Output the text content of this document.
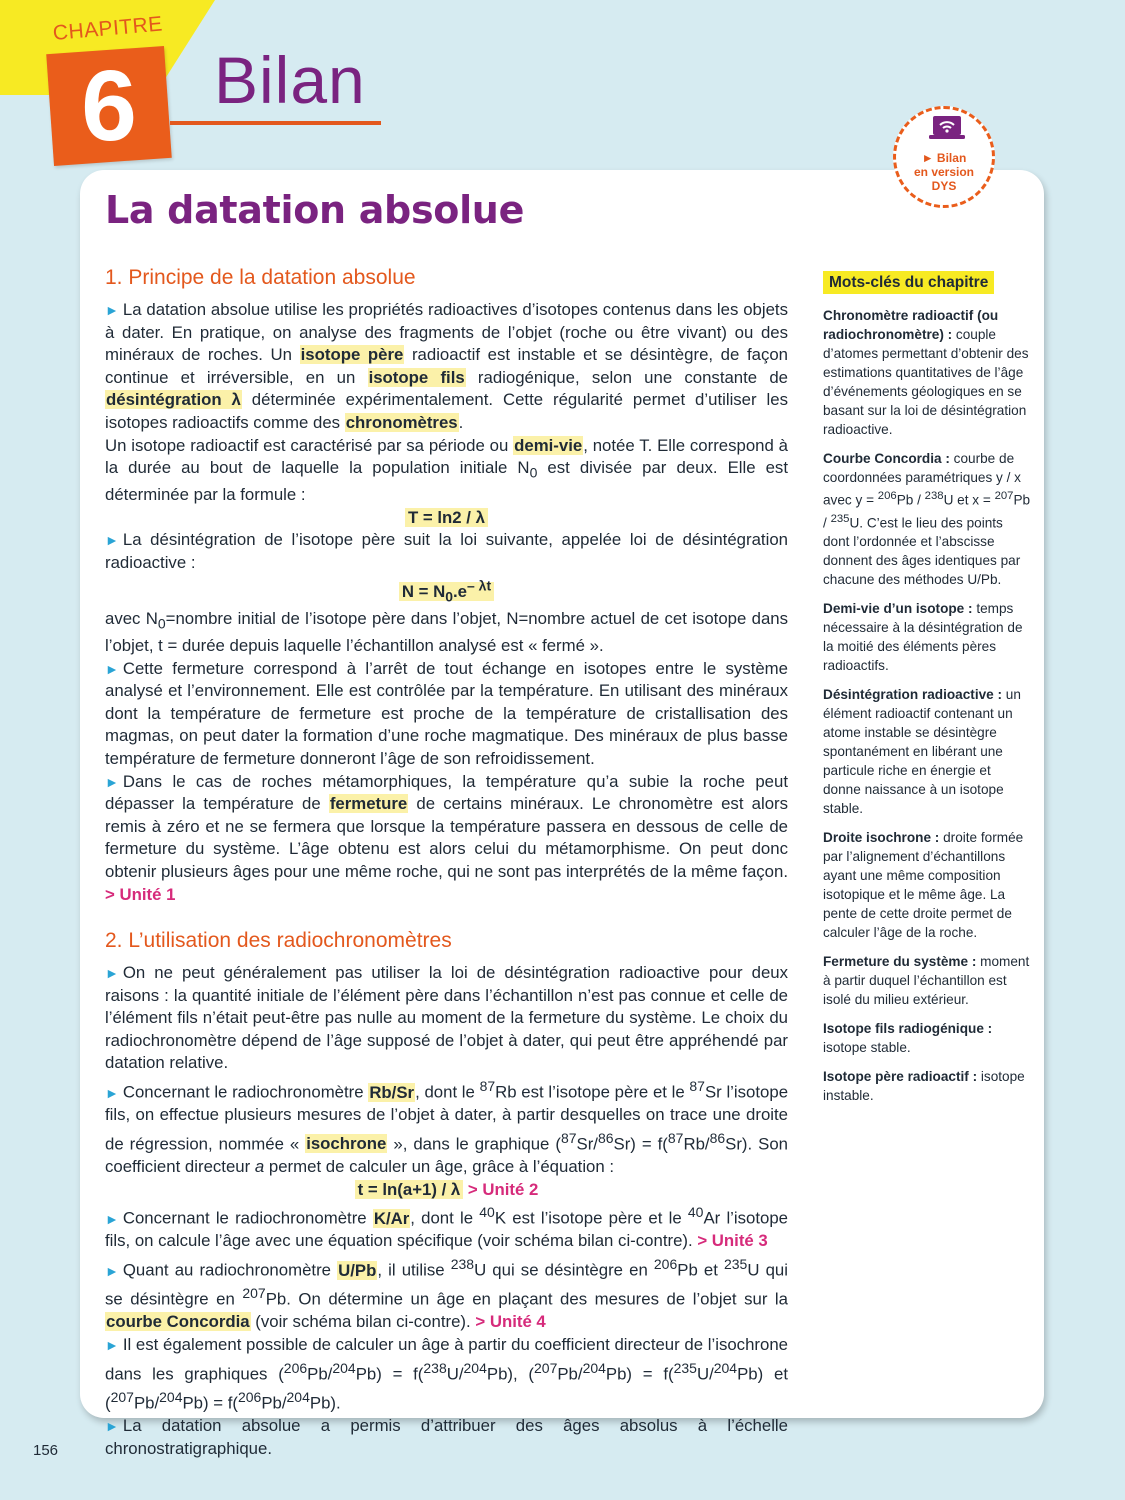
6
CHAPITRE
Bilan
► Bilan
en version
DYS
La datation absolue
1. Principe de la datation absolue

► La datation absolue utilise les propriétés radioactives d’isotopes contenus dans les objets à dater. En pratique, on analyse des fragments de l’objet (roche ou être vivant) ou des minéraux de roches. Un isotope père radioactif est instable et se désintègre, de façon continue et irréversible, en un isotope fils radiogénique, selon une constante de désintégration λ déterminée expérimentalement. Cette régularité permet d’utiliser les isotopes radioactifs comme des chronomètres.

Un isotope radioactif est caractérisé par sa période ou demi-vie, notée T. Elle correspond à la durée au bout de laquelle la population initiale $N_0$ est divisée par deux. Elle est déterminée par la formule :

T = ln2 / λ

► La désintégration de l’isotope père suit la loi suivante, appelée loi de désintégration radioactive :

$N = N_0.e^{- \lambda t}$

avec $N_0=nombre$ initial de l’isotope père dans l’objet, N=nombre actuel de cet isotope dans l’objet, t = durée depuis laquelle l’échantillon analysé est « fermé ».

► Cette fermeture correspond à l’arrêt de tout échange en isotopes entre le système analysé et l’environnement. Elle est contrôlée par la température. En utilisant des minéraux dont la température de fermeture est proche de la température de cristallisation des magmas, on peut dater la formation d’une roche magmatique. Des minéraux de plus basse température de fermeture donneront l’âge de son refroidissement.

► Dans le cas de roches métamorphiques, la température qu’a subie la roche peut dépasser la température de fermeture de certains minéraux. Le chronomètre est alors remis à zéro et ne se fermera que lorsque la température passera en dessous de celle de fermeture du système. L’âge obtenu est alors celui du métamorphisme. On peut donc obtenir plusieurs âges pour une même roche, qui ne sont pas interprétés de la même façon. > Unité 1

2. L’utilisation des radiochronomètres

► On ne peut généralement pas utiliser la loi de désintégration radioactive pour deux raisons : la quantité initiale de l’élément père dans l’échantillon n’est pas connue et celle de l’élément fils n’était peut-être pas nulle au moment de la fermeture du système. Le choix du radiochronomètre dépend de l’âge supposé de l’objet à dater, qui peut être appréhendé par datation relative.

► Concernant le radiochronomètre Rb/Sr, dont le $^{87}$Rb est l’isotope père et le $^{87}$Sr l’isotope fils, on effectue plusieurs mesures de l’objet à dater, à partir desquelles on trace une droite de régression, nommée « isochrone », dans le graphique ($^{87}$Sr/$^{86}$Sr) = f($^{87}$Rb/$^{86}$Sr). Son coefficient directeur a permet de calculer un âge, grâce à l’équation :

t = ln(a+1) / λ > Unité 2

► Concernant le radiochronomètre K/Ar, dont le $^{40}$K est l’isotope père et le $^{40}$Ar l’isotope fils, on calcule l’âge avec une équation spécifique (voir schéma bilan ci-contre). > Unité 3

► Quant au radiochronomètre U/Pb, il utilise $^{238}$U qui se désintègre en $^{206}$Pb et $^{235}$U qui se désintègre en $^{207}$Pb. On détermine un âge en plaçant des mesures de l’objet sur la courbe Concordia (voir schéma bilan ci-contre). > Unité 4

► Il est également possible de calculer un âge à partir du coefficient directeur de l’isochrone dans les graphiques ($^{206}$Pb/$^{204}$Pb) = f($^{238}$U/$^{204}$Pb), ($^{207}$Pb/$^{204}$Pb) = f($^{235}$U/$^{204}$Pb) et ($^{207}$Pb/$^{204}$Pb) = f($^{206}$Pb/$^{204}$Pb).

► La datation absolue a permis d’attribuer des âges absolus à l’échelle chronostratigraphique.

Mots-clés du chapitre
Chronomètre radioactif (ou radiochronomètre) : couple d’atomes permettant d’obtenir des estimations quantitatives de l’âge d’événements géologiques en se basant sur la loi de désintégration radioactive.
Courbe Concordia : courbe de coordonnées paramétriques y / x avec y = $^{206}$Pb / $^{238}$U et x = $^{207}$Pb / $^{235}$U. C’est le lieu des points dont l’ordonnée et l’abscisse donnent des âges identiques par chacune des méthodes U/Pb.
Demi-vie d’un isotope : temps nécessaire à la désintégration de la moitié des éléments pères radioactifs.
Désintégration radioactive : un élément radioactif contenant un atome instable se désintègre spontanément en libérant une particule riche en énergie et donne naissance à un isotope stable.
Droite isochrone : droite formée par l’alignement d’échantillons ayant une même composition isotopique et le même âge. La pente de cette droite permet de calculer l’âge de la roche.
Fermeture du système : moment à partir duquel l’échantillon est isolé du milieu extérieur.
Isotope fils radiogénique : isotope stable.
Isotope père radioactif : isotope instable.
156
